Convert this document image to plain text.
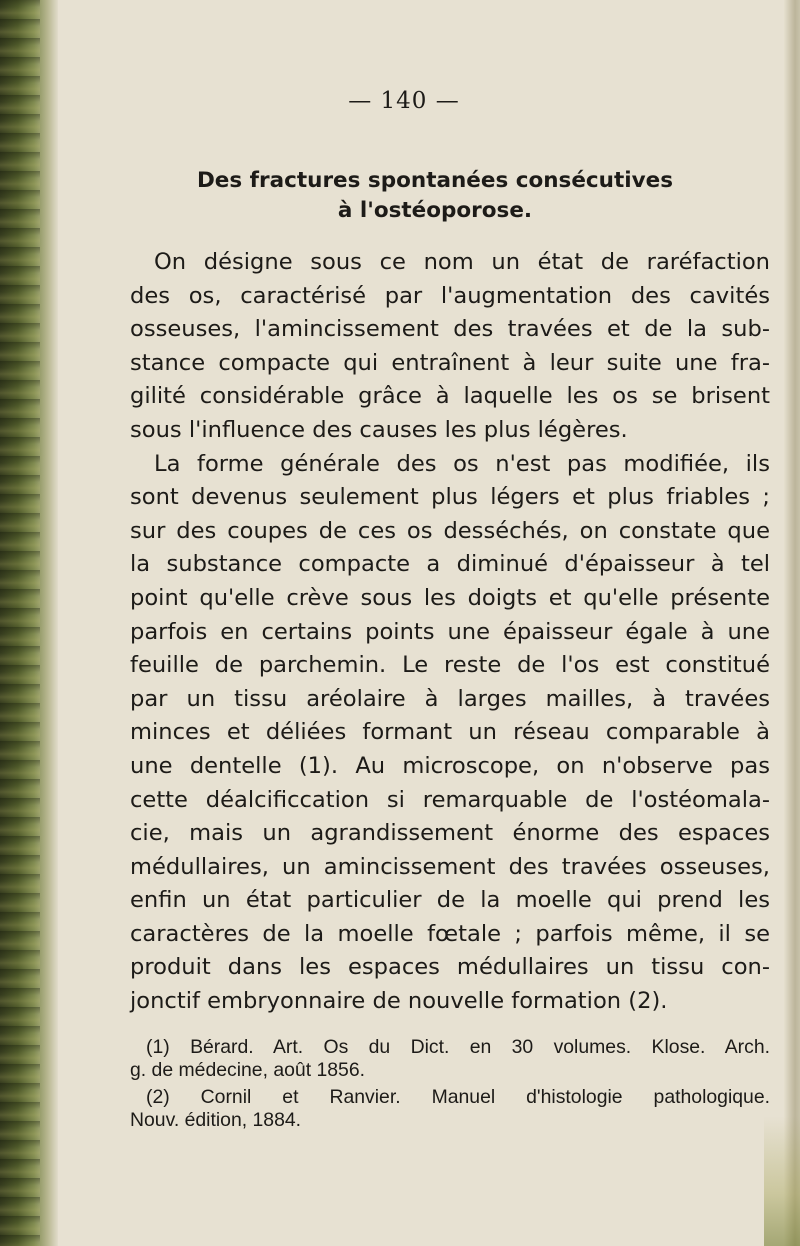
— 140 —
Des fractures spontanées consécutives
à l'ostéoporose.
On désigne sous ce nom un état de raréfaction
des os, caractérisé par l'augmentation des cavités
osseuses, l'amincissement des travées et de la sub-
stance compacte qui entraînent à leur suite une fra-
gilité considérable grâce à laquelle les os se brisent
sous l'influence des causes les plus légères.
La forme générale des os n'est pas modifiée, ils
sont devenus seulement plus légers et plus friables ;
sur des coupes de ces os desséchés, on constate que
la substance compacte a diminué d'épaisseur à tel
point qu'elle crève sous les doigts et qu'elle présente
parfois en certains points une épaisseur égale à une
feuille de parchemin. Le reste de l'os est constitué
par un tissu aréolaire à larges mailles, à travées
minces et déliées formant un réseau comparable à
une dentelle (1). Au microscope, on n'observe pas
cette déalcificcation si remarquable de l'ostéomala-
cie, mais un agrandissement énorme des espaces
médullaires, un amincissement des travées osseuses,
enfin un état particulier de la moelle qui prend les
caractères de la moelle fœtale ; parfois même, il se
produit dans les espaces médullaires un tissu con-
jonctif embryonnaire de nouvelle formation (2).
(1) Bérard. Art. Os du Dict. en 30 volumes. Klose. Arch.
g. de médecine, août 1856.
(2) Cornil et Ranvier. Manuel d'histologie pathologique.
Nouv. édition, 1884.
